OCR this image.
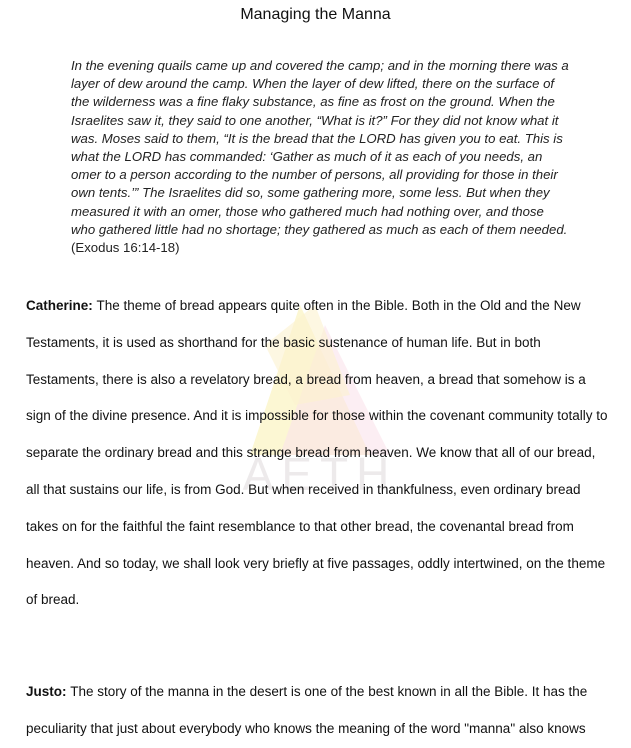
AETH
Managing the Manna
In the evening quails came up and covered the camp; and in the morning there was a layer of dew around the camp. When the layer of dew lifted, there on the surface of the wilderness was a fine flaky substance, as fine as frost on the ground. When the Israelites saw it, they said to one another, “What is it?” For they did not know what it was. Moses said to them, “It is the bread that the LORD has given you to eat. This is what the LORD has commanded: ‘Gather as much of it as each of you needs, an omer to a person according to the number of persons, all providing for those in their own tents.’” The Israelites did so, some gathering more, some less. But when they measured it with an omer, those who gathered much had nothing over, and those who gathered little had no shortage; they gathered as much as each of them needed. (Exodus 16:14-18)
Catherine: The theme of bread appears quite often in the Bible. Both in the Old and the New Testaments, it is used as shorthand for the basic sustenance of human life. But in both Testaments, there is also a revelatory bread, a bread from heaven, a bread that somehow is a sign of the divine presence. And it is impossible for those within the covenant community totally to separate the ordinary bread and this strange bread from heaven. We know that all of our bread, all that sustains our life, is from God. But when received in thankfulness, even ordinary bread takes on for the faithful the faint resemblance to that other bread, the covenantal bread from heaven. And so today, we shall look very briefly at five passages, oddly intertwined, on the theme of bread.
Justo: The story of the manna in the desert is one of the best known in all the Bible. It has the peculiarity that just about everybody who knows the meaning of the word "manna" also knows
